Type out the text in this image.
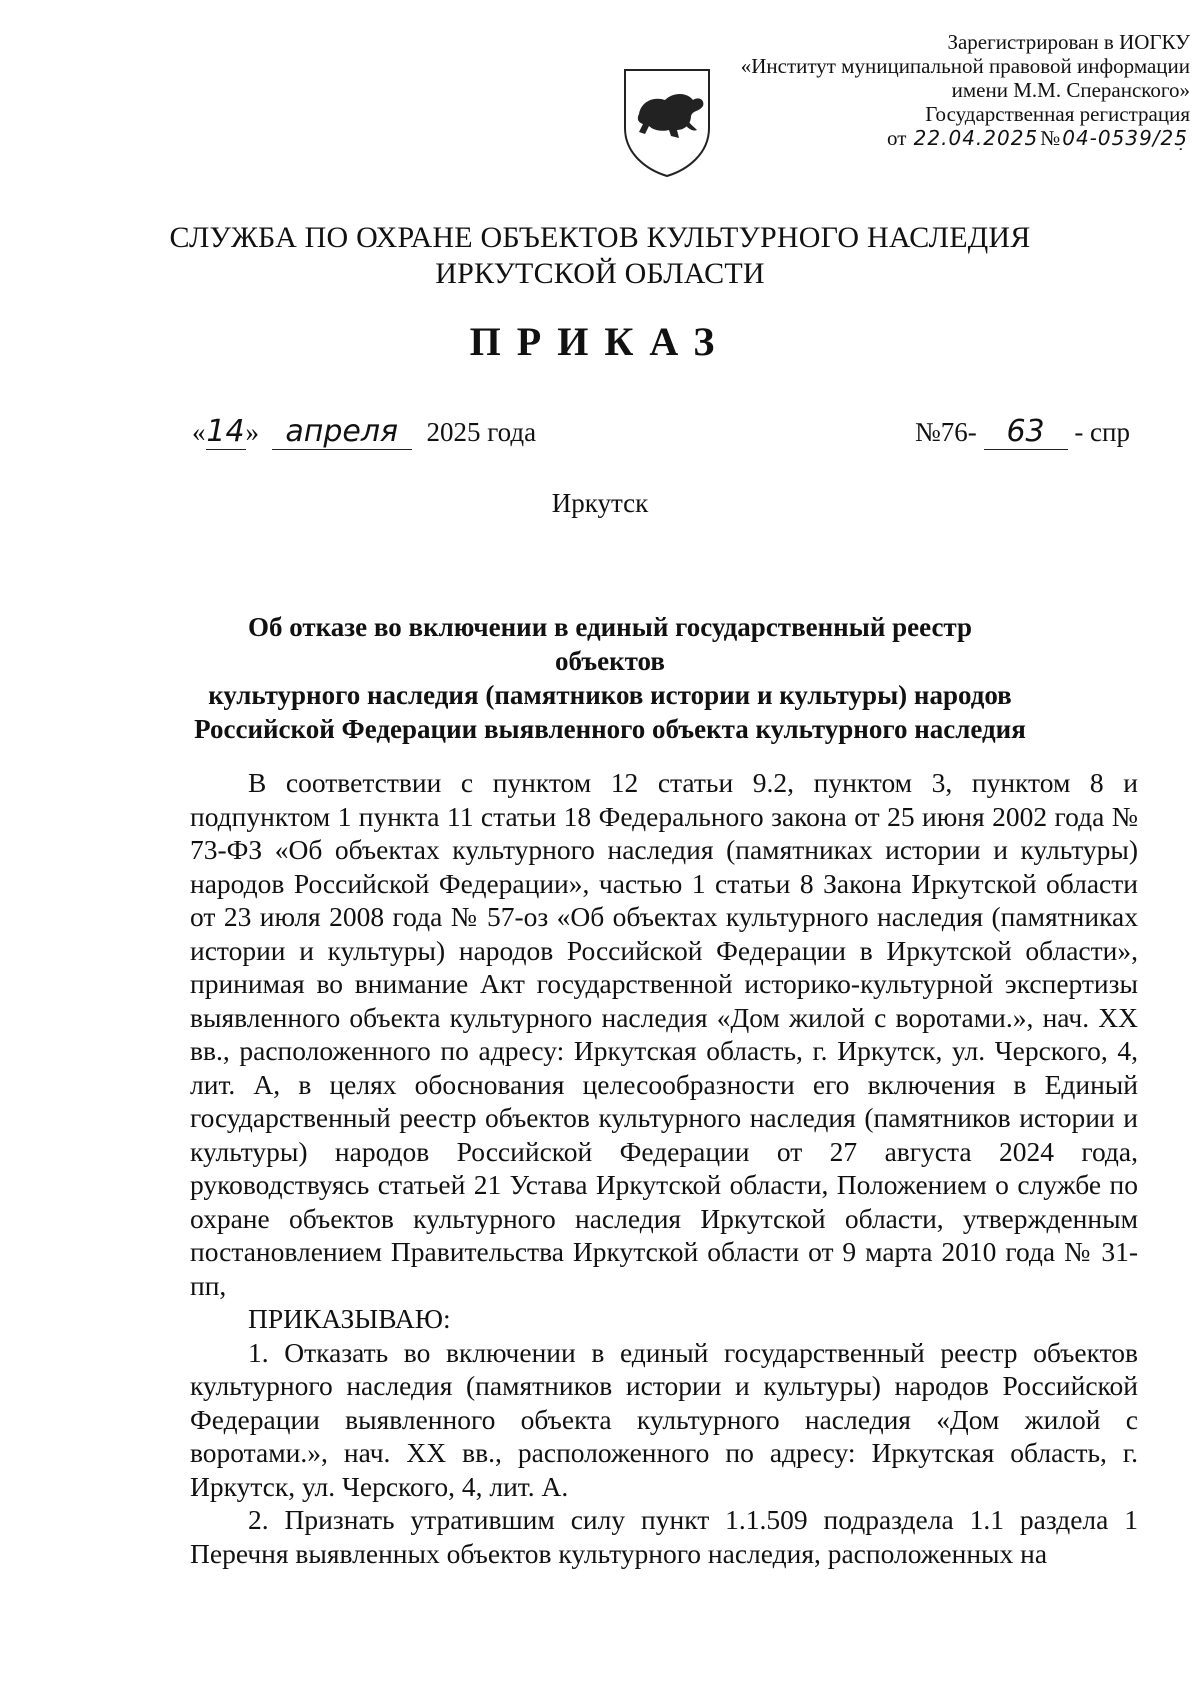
Зарегистрирован в ИОГКУ
«Институт муниципальной правовой информации
имени М.М. Сперанского»
Государственная регистрация
от 22.04.2025№ 04-0539/25
СЛУЖБА ПО ОХРАНЕ ОБЪЕКТОВ КУЛЬТУРНОГО НАСЛЕДИЯ
ИРКУТСКОЙ ОБЛАСТИ
ПРИКАЗ
«14» апреля 2025 года	№76- 63 - спр
Иркутск
Об отказе во включении в единый государственный реестр объектов
культурного наследия (памятников истории и культуры) народов
Российской Федерации выявленного объекта культурного наследия

В соответствии с пунктом 12 статьи 9.2, пунктом 3, пунктом 8 и подпунктом 1 пункта 11 статьи 18 Федерального закона от 25 июня 2002 года № 73-ФЗ «Об объектах культурного наследия (памятниках истории и культуры) народов Российской Федерации», частью 1 статьи 8 Закона Иркутской области от 23 июля 2008 года № 57-оз «Об объектах культурного наследия (памятниках истории и культуры) народов Российской Федерации в Иркутской области», принимая во внимание Акт государственной историко-культурной экспертизы выявленного объекта культурного наследия «Дом жилой с воротами.», нач. ХХ вв., расположенного по адресу: Иркутская область, г. Иркутск, ул. Черского, 4, лит. А, в целях обоснования целесообразности его включения в Единый государственный реестр объектов культурного наследия (памятников истории и культуры) народов Российской Федерации от 27 августа 2024 года, руководствуясь статьей 21 Устава Иркутской области, Положением о службе по охране объектов культурного наследия Иркутской области, утвержденным постановлением Правительства Иркутской области от 9 марта 2010 года № 31-пп,

ПРИКАЗЫВАЮ:

1. Отказать во включении в единый государственный реестр объектов культурного наследия (памятников истории и культуры) народов Российской Федерации выявленного объекта культурного наследия «Дом жилой с воротами.», нач. ХХ вв., расположенного по адресу: Иркутская область, г. Иркутск, ул. Черского, 4, лит. А.

2. Признать утратившим силу пункт 1.1.509 подраздела 1.1 раздела 1 Перечня выявленных объектов культурного наследия, расположенных на
